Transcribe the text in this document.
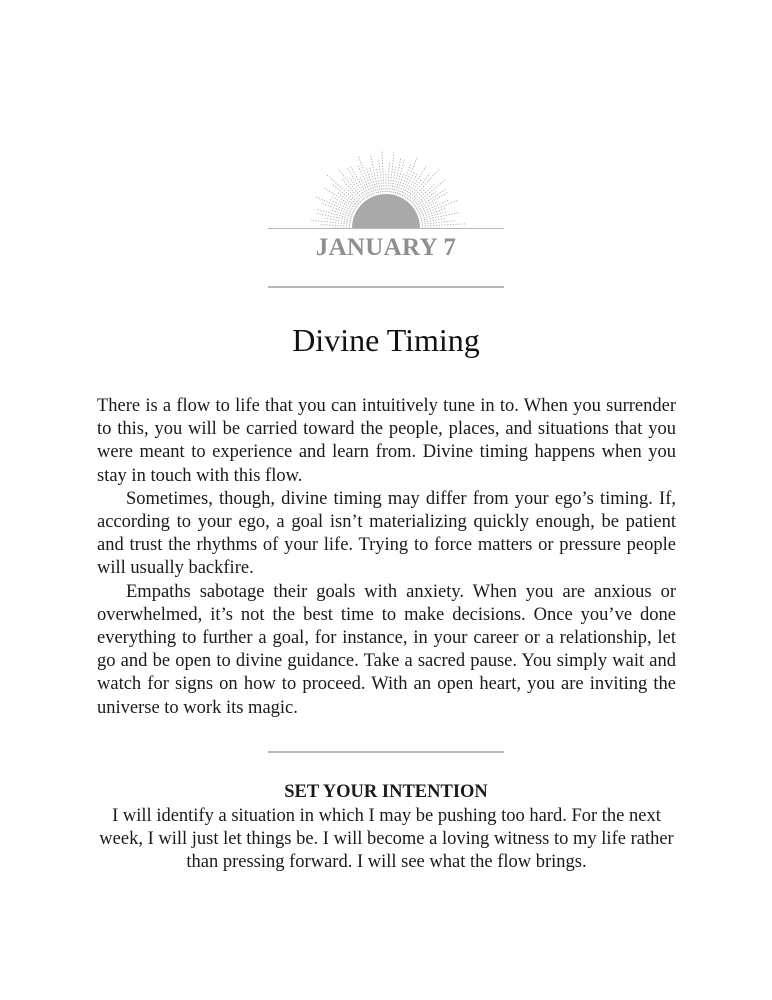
JANUARY 7
Divine Timing

There is a flow to life that you can intuitively tune in to. When you surrender to this, you will be carried toward the people, places, and situations that you were meant to experience and learn from. Divine timing happens when you stay in touch with this flow.

Sometimes, though, divine timing may differ from your ego’s timing. If, according to your ego, a goal isn’t materializing quickly enough, be patient and trust the rhythms of your life. Trying to force matters or pressure people will usually backfire.

Empaths sabotage their goals with anxiety. When you are anxious or overwhelmed, it’s not the best time to make decisions. Once you’ve done everything to further a goal, for instance, in your career or a relationship, let go and be open to divine guidance. Take a sacred pause. You simply wait and watch for signs on how to proceed. With an open heart, you are inviting the universe to work its magic.

SET YOUR INTENTION
I will identify a situation in which I may be pushing too hard. For the next week, I will just let things be. I will become a loving witness to my life rather than pressing forward. I will see what the flow brings.
